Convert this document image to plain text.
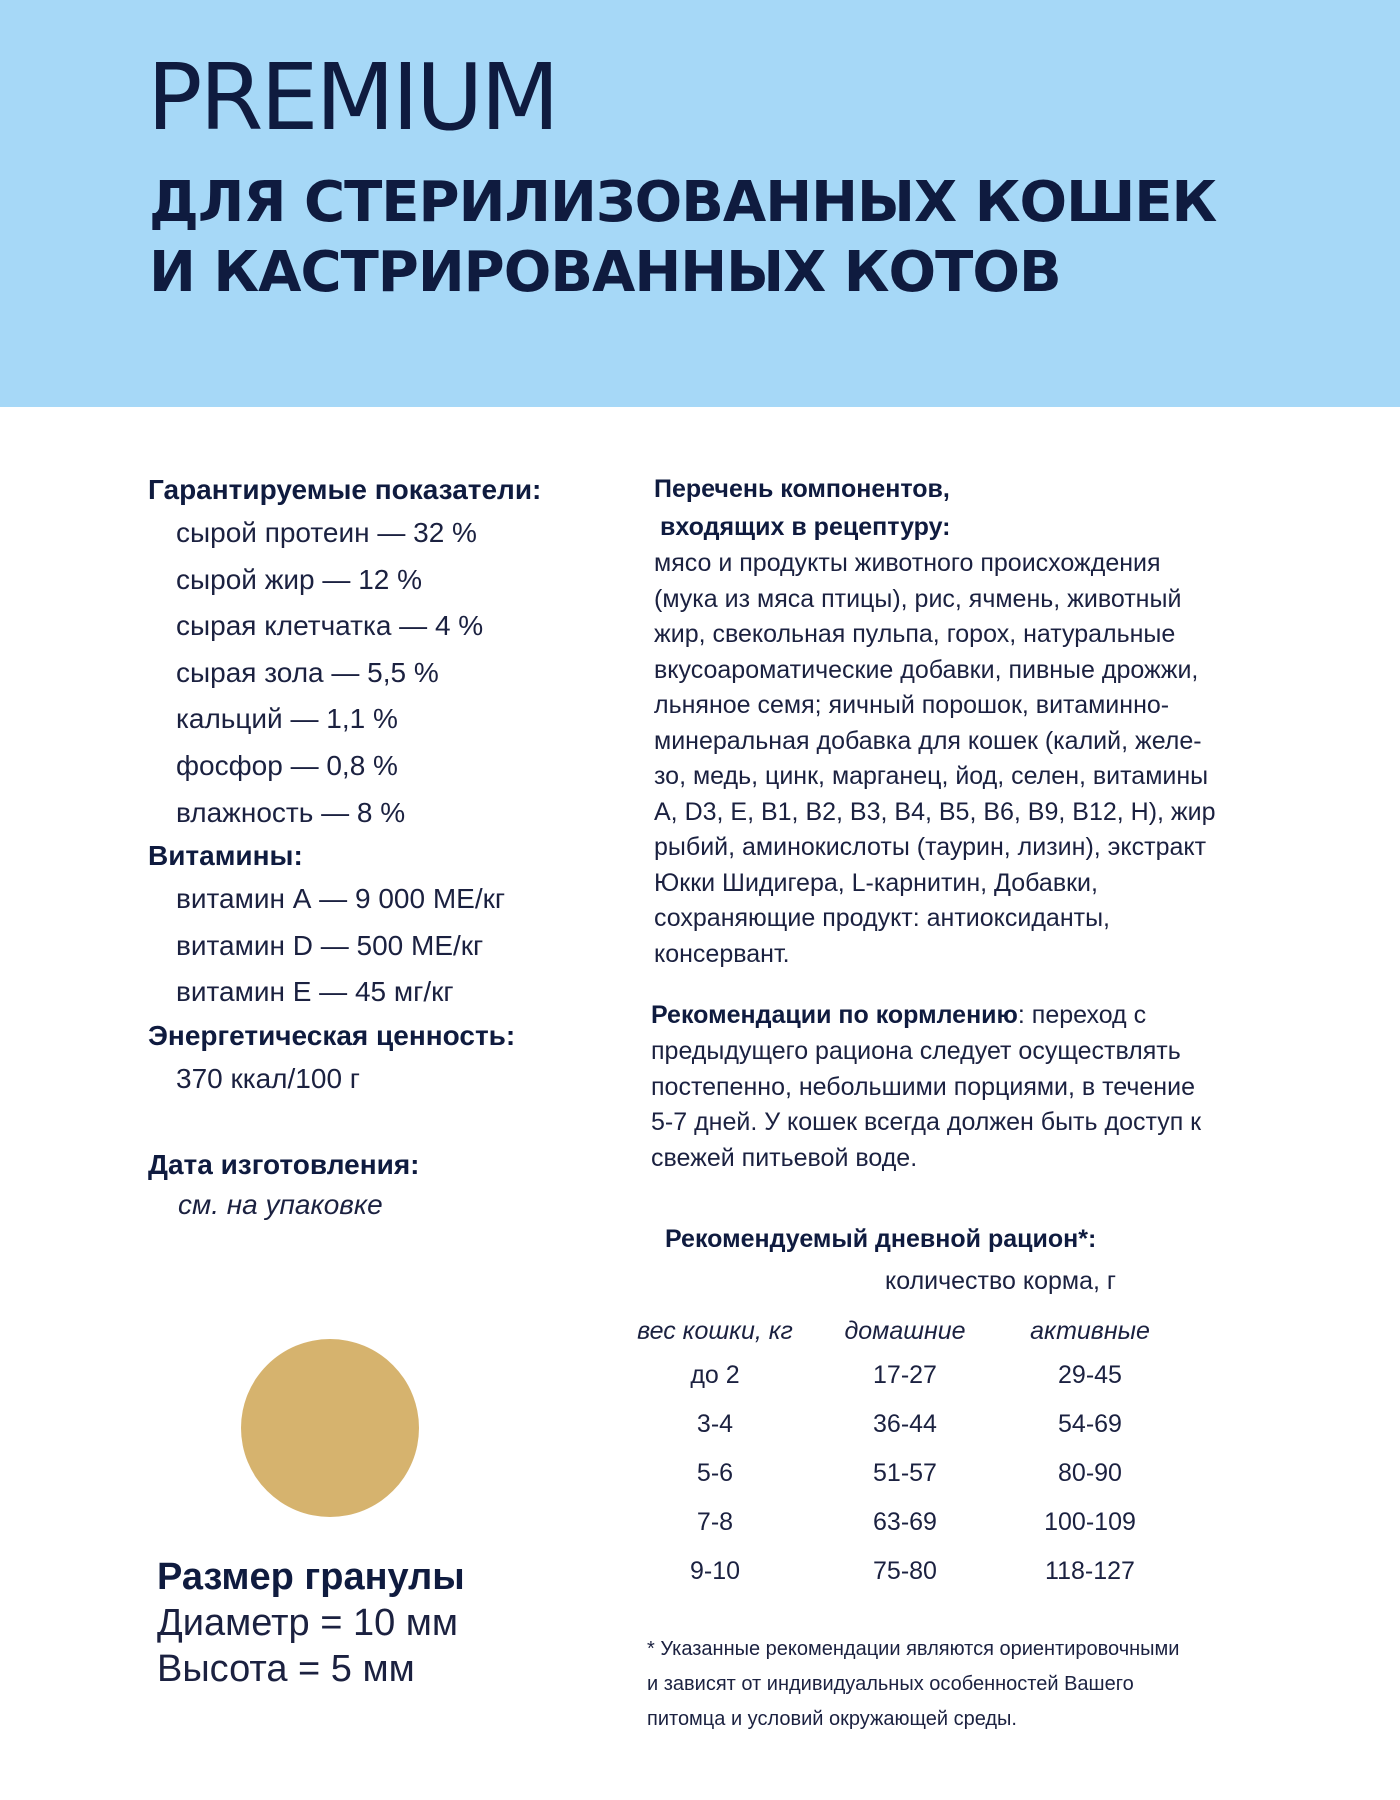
PREMIUM
ДЛЯ СТЕРИЛИЗОВАННЫХ КОШЕК
И КАСТРИРОВАННЫХ КОТОВ
Гарантируемые показатели:
сырой протеин — 32 %
сырой жир — 12 %
сырая клетчатка — 4 %
сырая зола — 5,5 %
кальций — 1,1 %
фосфор — 0,8 %
влажность — 8 %
Витамины:
витамин А — 9 000 МЕ/кг
витамин D — 500 МЕ/кг
витамин Е — 45 мг/кг
Энергетическая ценность:
370 ккал/100 г
Дата изготовления:
см. на упаковке
Размер гранулы
Диаметр = 10 мм
Высота = 5 мм
Перечень компонентов,
входящих в рецептуру:
мясо и продукты животного происхождения
(мука из мяса птицы), рис, ячмень, животный
жир, свекольная пульпа, горох, натуральные
вкусоароматические добавки, пивные дрожжи,
льняное семя; яичный порошок, витаминно-
минеральная добавка для кошек (калий, желе-
зо, медь, цинк, марганец, йод, селен, витамины
А, D3, Е, В1, В2, В3, В4, В5, В6, В9, В12, Н), жир
рыбий, аминокислоты (таурин, лизин), экстракт
Юкки Шидигера, L-карнитин, Добавки,
сохраняющие продукт: антиоксиданты,
консервант.
Рекомендации по кормлению: переход с
предыдущего рациона следует осуществлять
постепенно, небольшими порциями, в течение
5-7 дней. У кошек всегда должен быть доступ к
свежей питьевой воде.
Рекомендуемый дневной рацион*:
количество корма, г
вес кошки, кг	домашние	активные
до 2	17-27	29-45
3-4	36-44	54-69
5-6	51-57	80-90
7-8	63-69	100-109
9-10	75-80	118-127
* Указанные рекомендации являются ориентировочными
и зависят от индивидуальных особенностей Вашего
питомца и условий окружающей среды.
